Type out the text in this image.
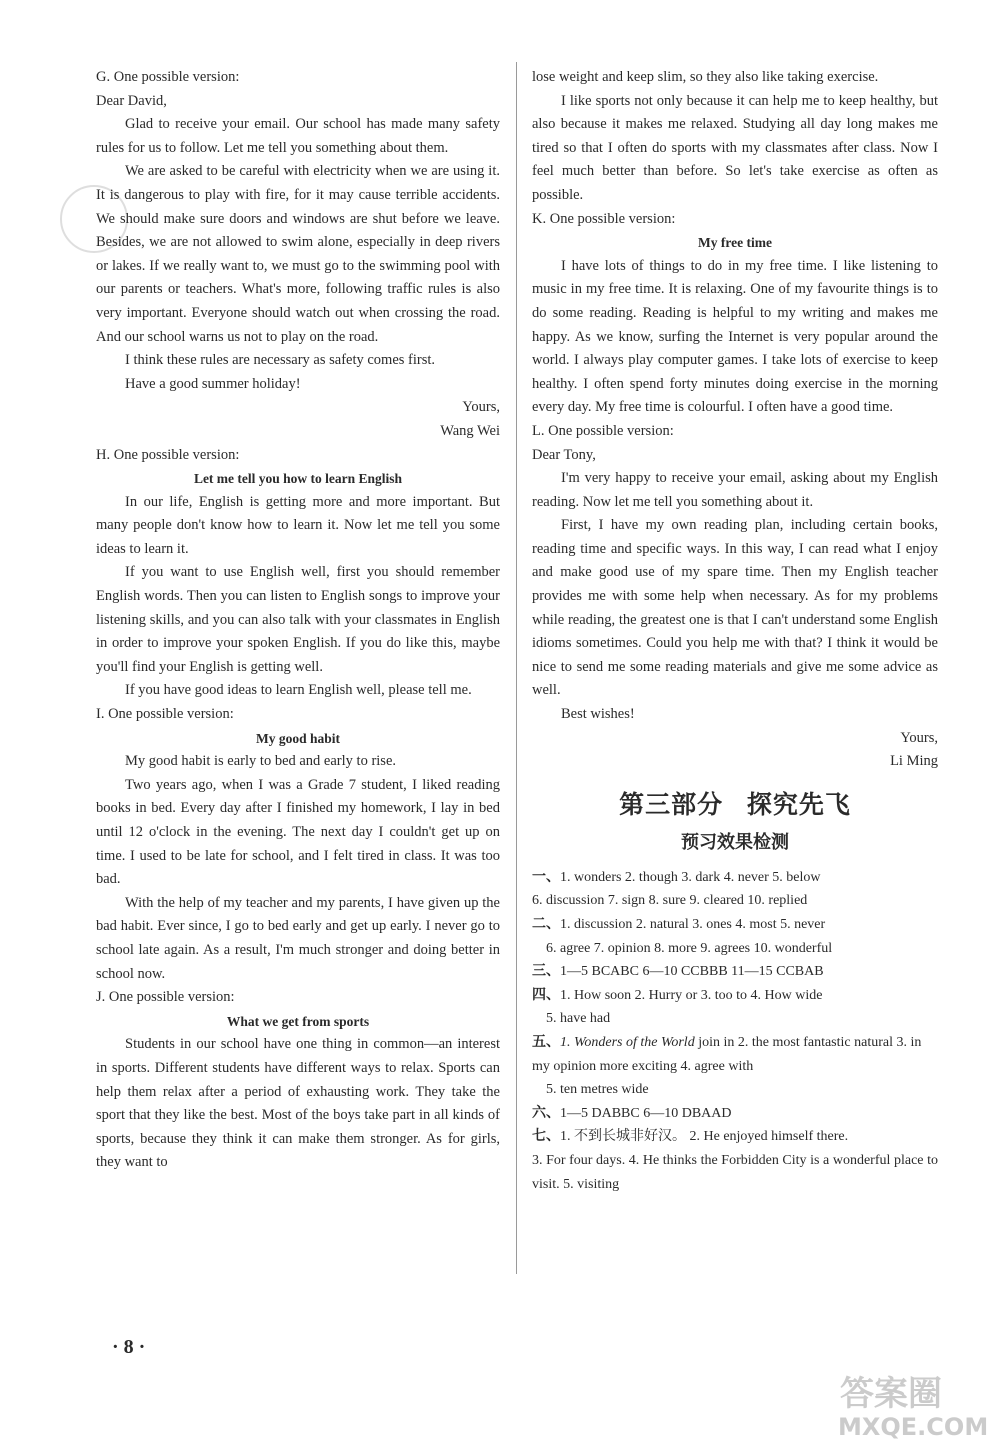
G. One possible version:

Dear David,

Glad to receive your email. Our school has made many safety rules for us to follow. Let me tell you something about them.

We are asked to be careful with electricity when we are using it. It is dangerous to play with fire, for it may cause terrible accidents. We should make sure doors and windows are shut before we leave. Besides, we are not allowed to swim alone, especially in deep rivers or lakes. If we really want to, we must go to the swimming pool with our parents or teachers. What's more, following traffic rules is also very important. Everyone should watch out when crossing the road. And our school warns us not to play on the road.

I think these rules are necessary as safety comes first.

Have a good summer holiday!

Yours,

Wang Wei

H. One possible version:

Let me tell you how to learn English

In our life, English is getting more and more important. But many people don't know how to learn it. Now let me tell you some ideas to learn it.

If you want to use English well, first you should remember English words. Then you can listen to English songs to improve your listening skills, and you can also talk with your classmates in English in order to improve your spoken English. If you do like this, maybe you'll find your English is getting well.

If you have good ideas to learn English well, please tell me.

I. One possible version:

My good habit

My good habit is early to bed and early to rise.

Two years ago, when I was a Grade 7 student, I liked reading books in bed. Every day after I finished my homework, I lay in bed until 12 o'clock in the evening. The next day I couldn't get up on time. I used to be late for school, and I felt tired in class. It was too bad.

With the help of my teacher and my parents, I have given up the bad habit. Ever since, I go to bed early and get up early. I never go to school late again. As a result, I'm much stronger and doing better in school now.

J. One possible version:

What we get from sports

Students in our school have one thing in common—an interest in sports. Different students have different ways to relax. Sports can help them relax after a period of exhausting work. They take the sport that they like the best. Most of the boys take part in all kinds of sports, because they think it can make them stronger. As for girls, they want to

lose weight and keep slim, so they also like taking exercise.

I like sports not only because it can help me to keep healthy, but also because it makes me relaxed. Studying all day long makes me tired so that I often do sports with my classmates after class. Now I feel much better than before. So let's take exercise as often as possible.

K. One possible version:

My free time

I have lots of things to do in my free time. I like listening to music in my free time. It is relaxing. One of my favourite things is to do some reading. Reading is helpful to my writing and makes me happy. As we know, surfing the Internet is very popular around the world. I always play computer games. I take lots of exercise to keep healthy. I often spend forty minutes doing exercise in the morning every day. My free time is colourful. I often have a good time.

L. One possible version:

Dear Tony,

I'm very happy to receive your email, asking about my English reading. Now let me tell you something about it.

First, I have my own reading plan, including certain books, reading time and specific ways. In this way, I can read what I enjoy and make good use of my spare time. Then my English teacher provides me with some help when necessary. As for my problems while reading, the greatest one is that I can't understand some English idioms sometimes. Could you help me with that? I think it would be nice to send me some reading materials and give me some advice as well.

Best wishes!

Yours,

Li Ming

第三部分 探究先飞

预习效果检测

一、1. wonders 2. though 3. dark 4. never 5. below

6. discussion 7. sign 8. sure 9. cleared 10. replied

二、1. discussion 2. natural 3. ones 4. most 5. never

6. agree 7. opinion 8. more 9. agrees 10. wonderful

三、1—5 BCABC 6—10 CCBBB 11—15 CCBAB

四、1. How soon 2. Hurry or 3. too to 4. How wide

5. have had

五、1. Wonders of the World join in 2. the most fantastic natural 3. in my opinion more exciting 4. agree with

5. ten metres wide

六、1—5 DABBC 6—10 DBAAD

七、1. 不到长城非好汉。 2. He enjoyed himself there.

3. For four days. 4. He thinks the Forbidden City is a wonderful place to visit. 5. visiting

· 8 ·
答案圈
MXQE.COM
